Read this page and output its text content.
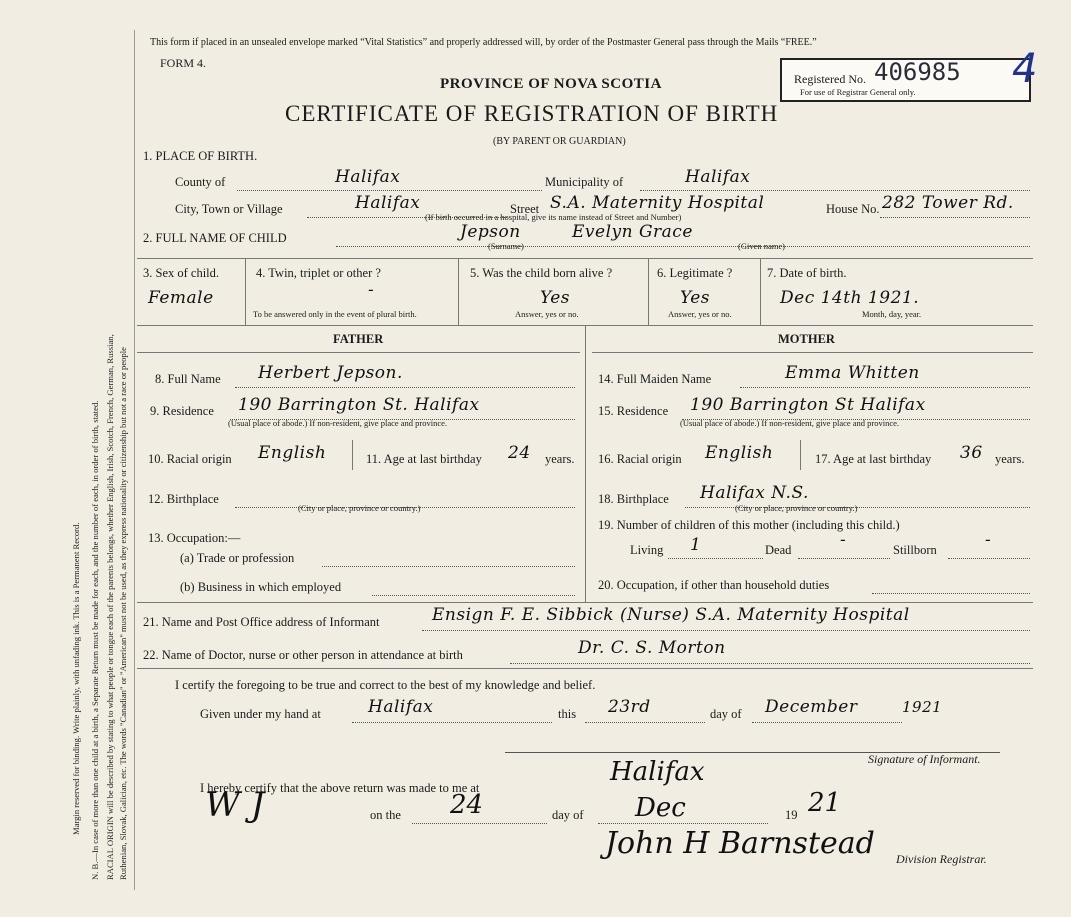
Margin reserved for binding. Write plainly, with unfading ink. This is a Permanent Record. N. B.—In case of more than one child at a birth, a Separate Return must be made for each, and the number of each, in order of birth, stated. RACIAL ORIGIN will be described by stating to what people or tongue each of the parents belongs, whether English, Irish, Scotch, French, German, Russian, Ruthenian, Slovak, Galician, etc. The words "Canadian" or "American" must not be used, as they express nationality or citizenship but not a race or people
This form if placed in an unsealed envelope marked “Vital Statistics” and properly addressed will, by order of the Postmaster General pass through the Mails “FREE.”
FORM 4.
PROVINCE OF NOVA SCOTIA
CERTIFICATE OF REGISTRATION OF BIRTH
(BY PARENT OR GUARDIAN)
Registered No. 406985
For use of Registrar General only. 4
1. PLACE OF BIRTH.
County of	Halifax	Municipality of	Halifax
City, Town or Village	Halifax	Street S.A. Maternity Hospital
(If birth occurred in a hospital, give its name instead of Street and Number)
House No. 282 Tower Rd.
2. FULL NAME OF CHILD	Jepson
(Surname)
Evelyn Grace
(Given name)
3. Sex of child.
Female
4. Twin, triplet or other ?
-
To be answered only in the event of plural birth.
5. Was the child born alive ?
Yes
Answer, yes or no.
6. Legitimate ?
Yes
Answer, yes or no.
7. Date of birth.
Dec 14th 1921.
Month, day, year.
FATHER	MOTHER
8. Full Name Herbert Jepson.
9. Residence 190 Barrington St. Halifax
(Usual place of abode.) If non-resident, give place and province.
10. Racial origin English	11. Age at last birthday 24 years.
12. Birthplace
(City or place, province or country.)
13. Occupation:—
(a) Trade or profession
(b) Business in which employed
14. Full Maiden Name	Emma Whitten
15. Residence 190 Barrington St Halifax
(Usual place of abode.) If non-resident, give place and province.
16. Racial origin English	17. Age at last birthday 36 years.
18. Birthplace Halifax N.S.
(City or place, province or country.)
19. Number of children of this mother (including this child.)
Living 1	Dead	-	Stillborn	-
20. Occupation, if other than household duties
21. Name and Post Office address of Informant	Ensign F. E. Sibbick (Nurse) S.A. Maternity Hospital
22. Name of Doctor, nurse or other person in attendance at birth	Dr. C. S. Morton
I certify the foregoing to be true and correct to the best of my knowledge and belief.
Given under my hand at	Halifax	this 23rd	day of December	1921
Signature of Informant.
Halifax
I hereby certify that the above return was made to me at
W J	on the 24	day of Dec	19 21
John H Barnstead Division Registrar.
